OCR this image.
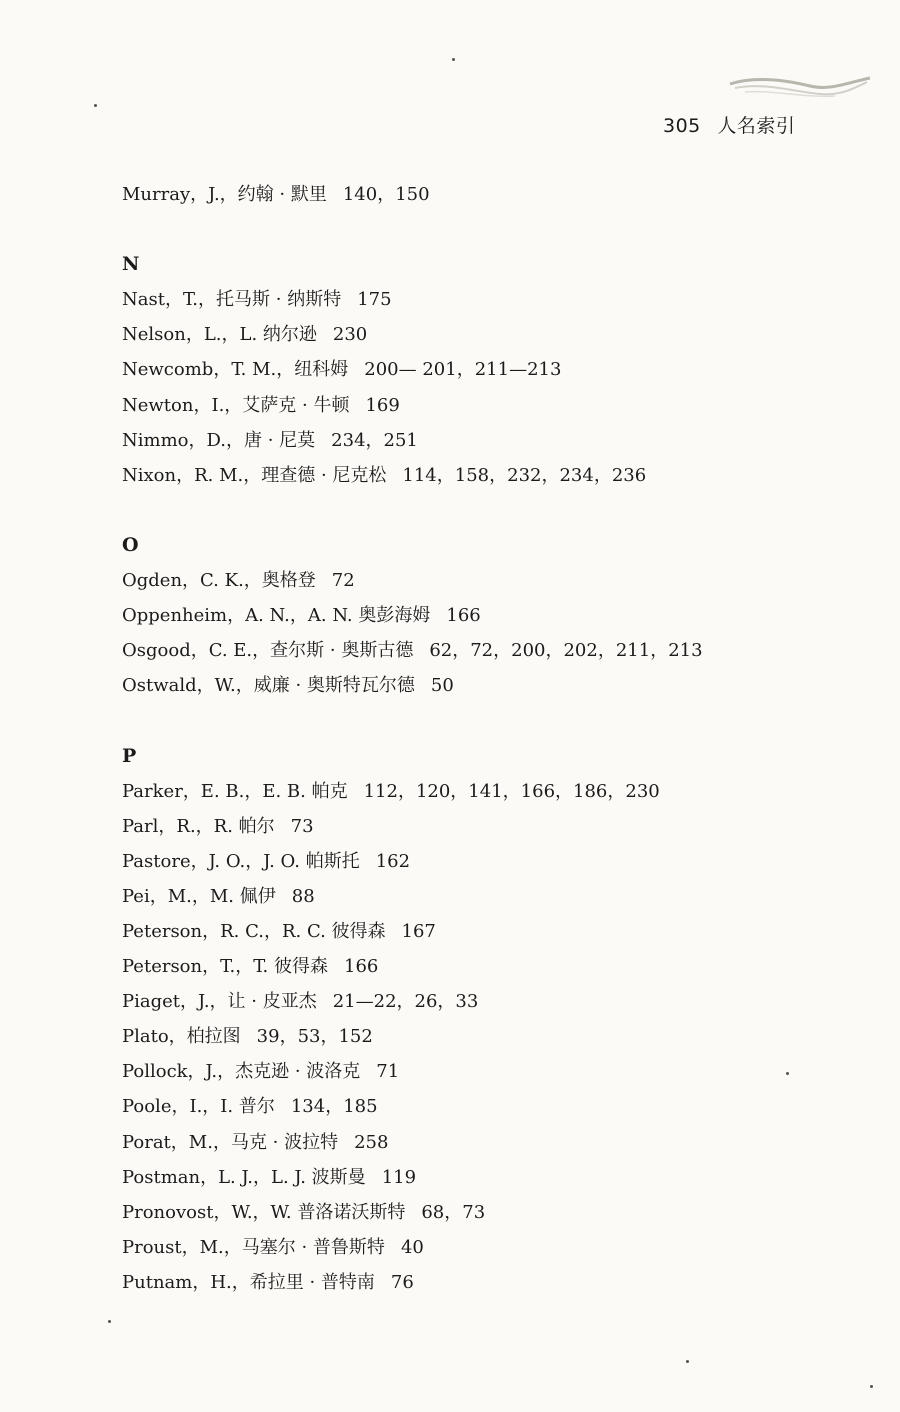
305 人名索引
Murray，J.，约翰 · 默里 140，150
N
Nast，T.，托马斯 · 纳斯特 175
Nelson，L.，L. 纳尔逊 230
Newcomb，T. M.，纽科姆 200— 201，211—213
Newton，I.，艾萨克 · 牛顿 169
Nimmo，D.，唐 · 尼莫 234，251
Nixon，R. M.，理查德 · 尼克松 114，158，232，234，236
O
Ogden，C. K.，奥格登 72
Oppenheim，A. N.，A. N. 奥彭海姆 166
Osgood，C. E.，查尔斯 · 奥斯古德 62，72，200，202，211，213
Ostwald，W.，威廉 · 奥斯特瓦尔德 50
P
Parker，E. B.，E. B. 帕克 112，120，141，166，186，230
Parl，R.，R. 帕尔 73
Pastore，J. O.，J. O. 帕斯托 162
Pei，M.，M. 佩伊 88
Peterson，R. C.，R. C. 彼得森 167
Peterson，T.，T. 彼得森 166
Piaget，J.，让 · 皮亚杰 21—22，26，33
Plato，柏拉图 39，53，152
Pollock，J.，杰克逊 · 波洛克 71
Poole，I.，I. 普尔 134，185
Porat，M.，马克 · 波拉特 258
Postman，L. J.，L. J. 波斯曼 119
Pronovost，W.，W. 普洛诺沃斯特 68，73
Proust，M.，马塞尔 · 普鲁斯特 40
Putnam，H.，希拉里 · 普特南 76
